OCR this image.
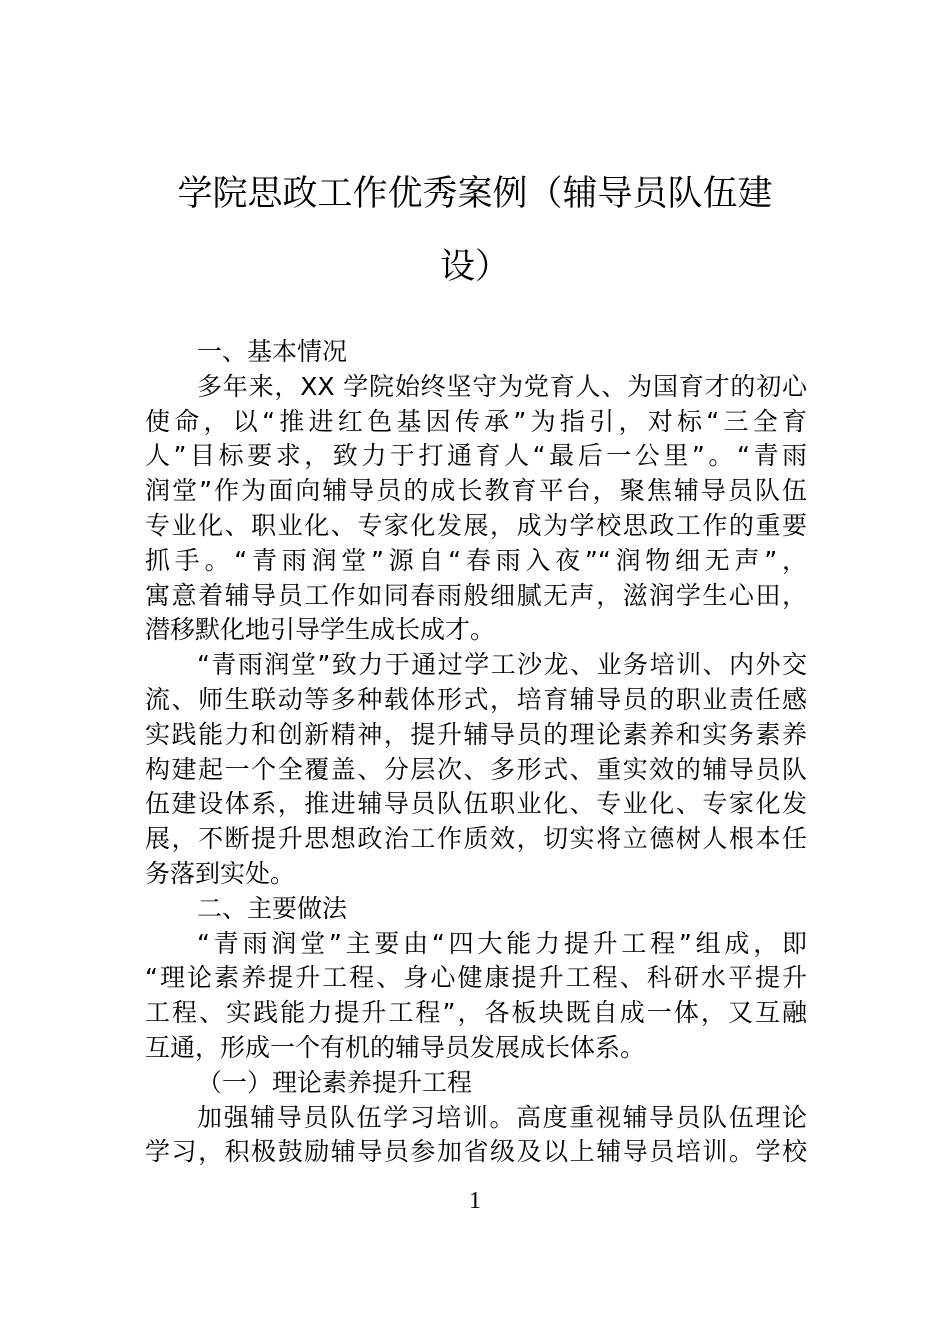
学院思政工作优秀案例（辅导员队伍建
设）
一、基本情况
多年来，XX 学院始终坚守为党育人、为国育才的初心
使命，以“推进红色基因传承”为指引，对标“三全育
人”目标要求，致力于打通育人“最后一公里”。“青雨
润堂”作为面向辅导员的成长教育平台，聚焦辅导员队伍
专业化、职业化、专家化发展，成为学校思政工作的重要
抓手。“青雨润堂”源自“春雨入夜”“润物细无声”，
寓意着辅导员工作如同春雨般细腻无声，滋润学生心田，
潜移默化地引导学生成长成才。
“青雨润堂”致力于通过学工沙龙、业务培训、内外交
流、师生联动等多种载体形式，培育辅导员的职业责任感
实践能力和创新精神，提升辅导员的理论素养和实务素养
构建起一个全覆盖、分层次、多形式、重实效的辅导员队
伍建设体系，推进辅导员队伍职业化、专业化、专家化发
展，不断提升思想政治工作质效，切实将立德树人根本任
务落到实处。
二、主要做法
“青雨润堂”主要由“四大能力提升工程”组成，即
“理论素养提升工程、身心健康提升工程、科研水平提升
工程、实践能力提升工程”，各板块既自成一体，又互融
互通，形成一个有机的辅导员发展成长体系。
（一）理论素养提升工程
加强辅导员队伍学习培训。高度重视辅导员队伍理论
学习，积极鼓励辅导员参加省级及以上辅导员培训。学校
1
